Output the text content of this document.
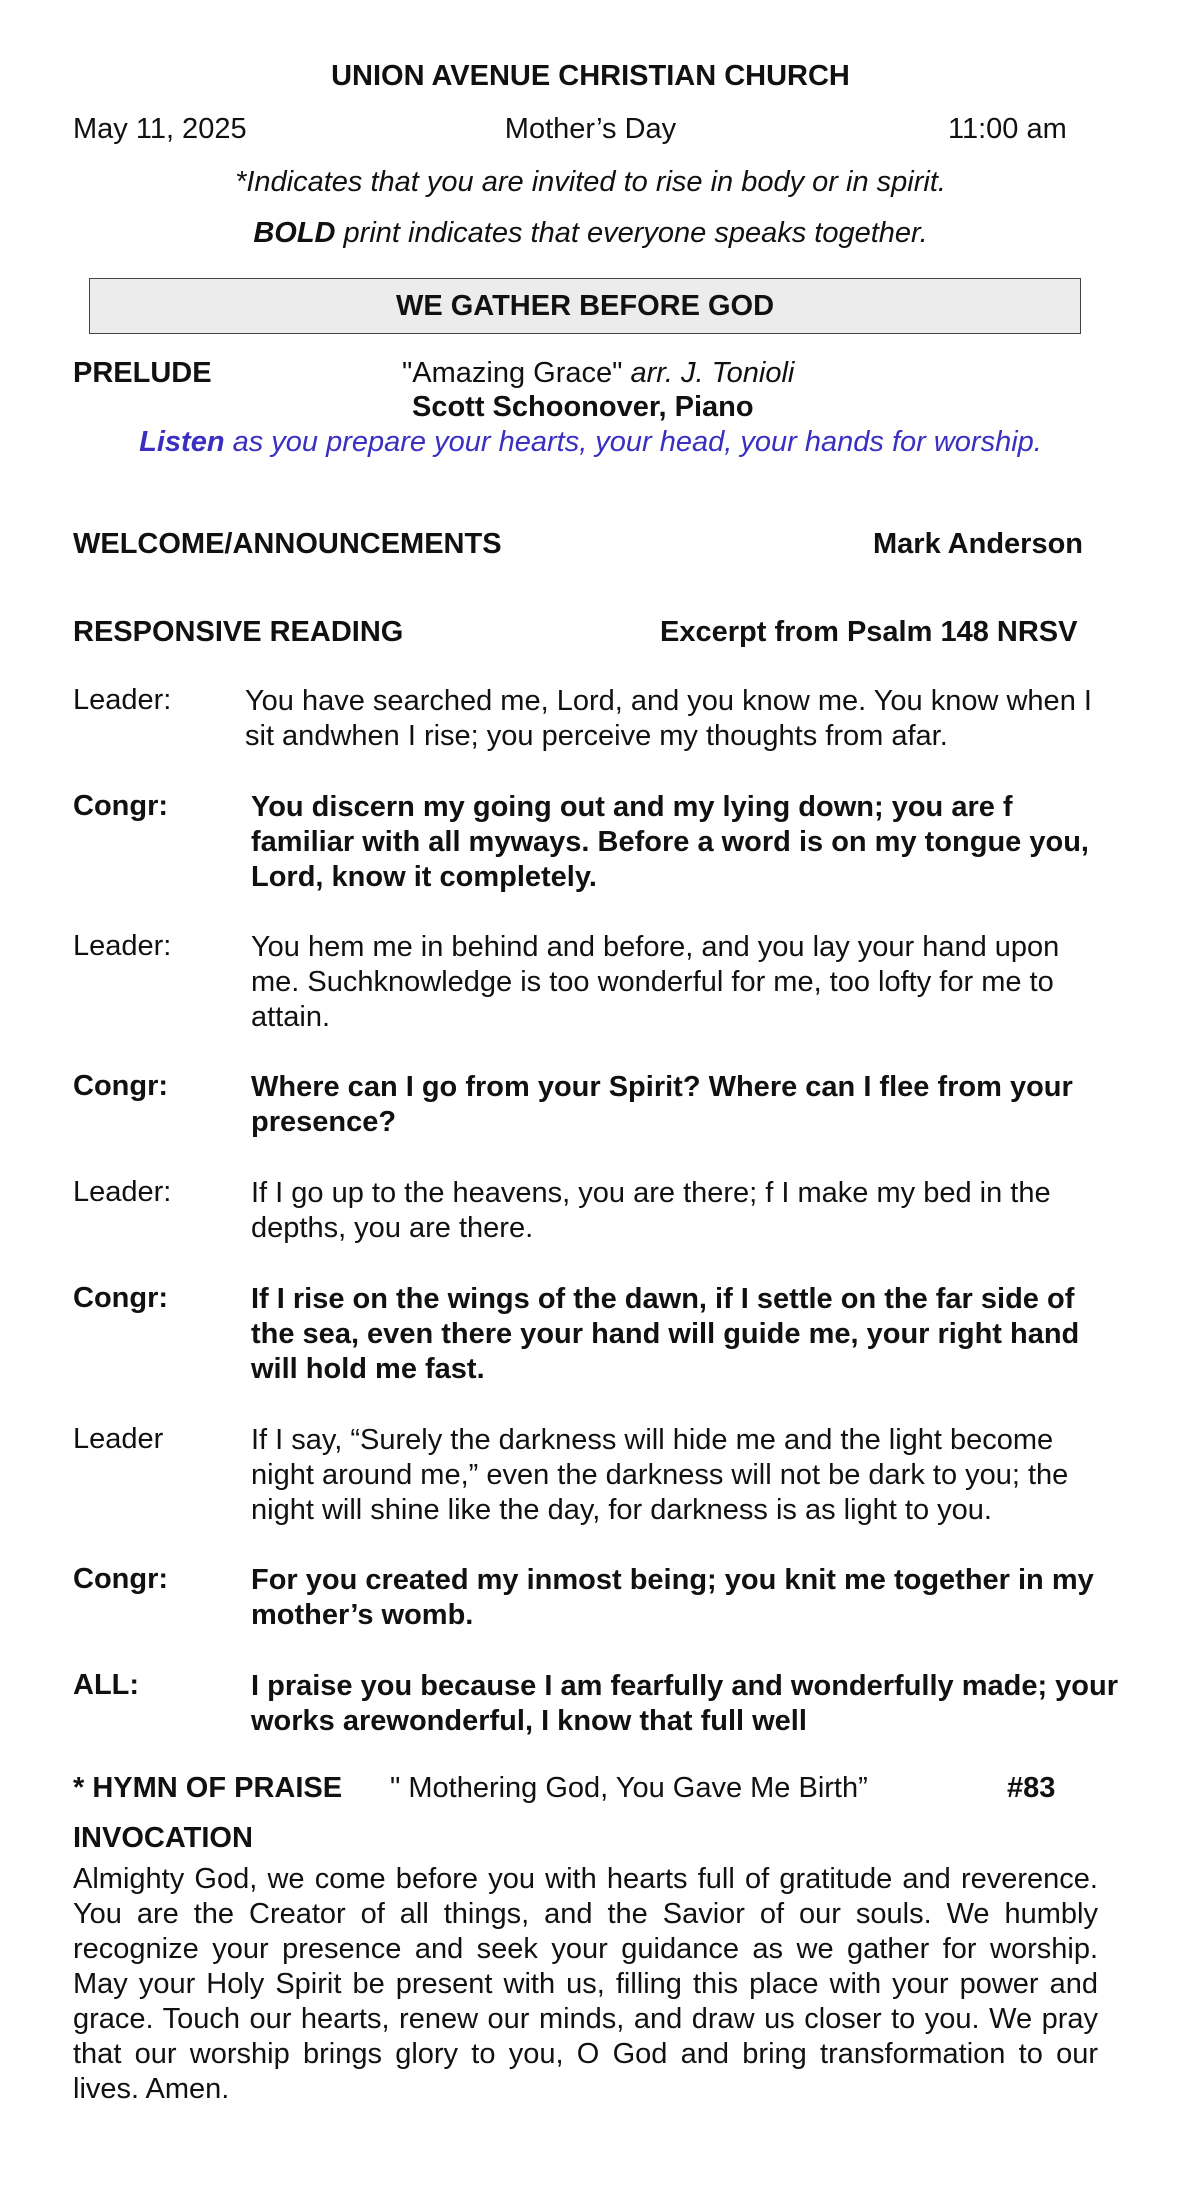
UNION AVENUE CHRISTIAN CHURCH
May 11, 2025	Mother’s Day	11:00 am
*Indicates that you are invited to rise in body or in spirit.
BOLD print indicates that everyone speaks together.
WE GATHER BEFORE GOD
PRELUDE	"Amazing Grace" arr. J. Tonioli
Scott Schoonover, Piano
Listen as you prepare your hearts, your head, your hands for worship.
WELCOME/ANNOUNCEMENTS	Mark Anderson
RESPONSIVE READING	Excerpt from Psalm 148 NRSV
Leader:	You have searched me, Lord, and you know me. You know when I sit andwhen I rise; you perceive my thoughts from afar.
Congr:	You discern my going out and my lying down; you are f familiar with all myways. Before a word is on my tongue you, Lord, know it completely.
Leader:	You hem me in behind and before, and you lay your hand upon me. Suchknowledge is too wonderful for me, too lofty for me to attain.
Congr:	Where can I go from your Spirit? Where can I flee from your presence?
Leader:	If I go up to the heavens, you are there; f I make my bed in the depths, you are there.
Congr:	If I rise on the wings of the dawn, if I settle on the far side of the sea, even there your hand will guide me, your right hand will hold me fast.
Leader	If I say, “Surely the darkness will hide me and the light become night around me,” even the darkness will not be dark to you; the night will shine like the day, for darkness is as light to you.
Congr:	For you created my inmost being; you knit me together in my mother’s womb.
ALL:	I praise you because I am fearfully and wonderfully made; your works arewonderful, I know that full well
* HYMN OF PRAISE " Mothering God, You Gave Me Birth”	#83
INVOCATION
Almighty God, we come before you with hearts full of gratitude and reverence. You are the Creator of all things, and the Savior of our souls. We humbly recognize your presence and seek your guidance as we gather for worship. May your Holy Spirit be present with us, filling this place with your power and grace. Touch our hearts, renew our minds, and draw us closer to you. We pray that our worship brings glory to you, O God and bring transformation to our lives. Amen.
